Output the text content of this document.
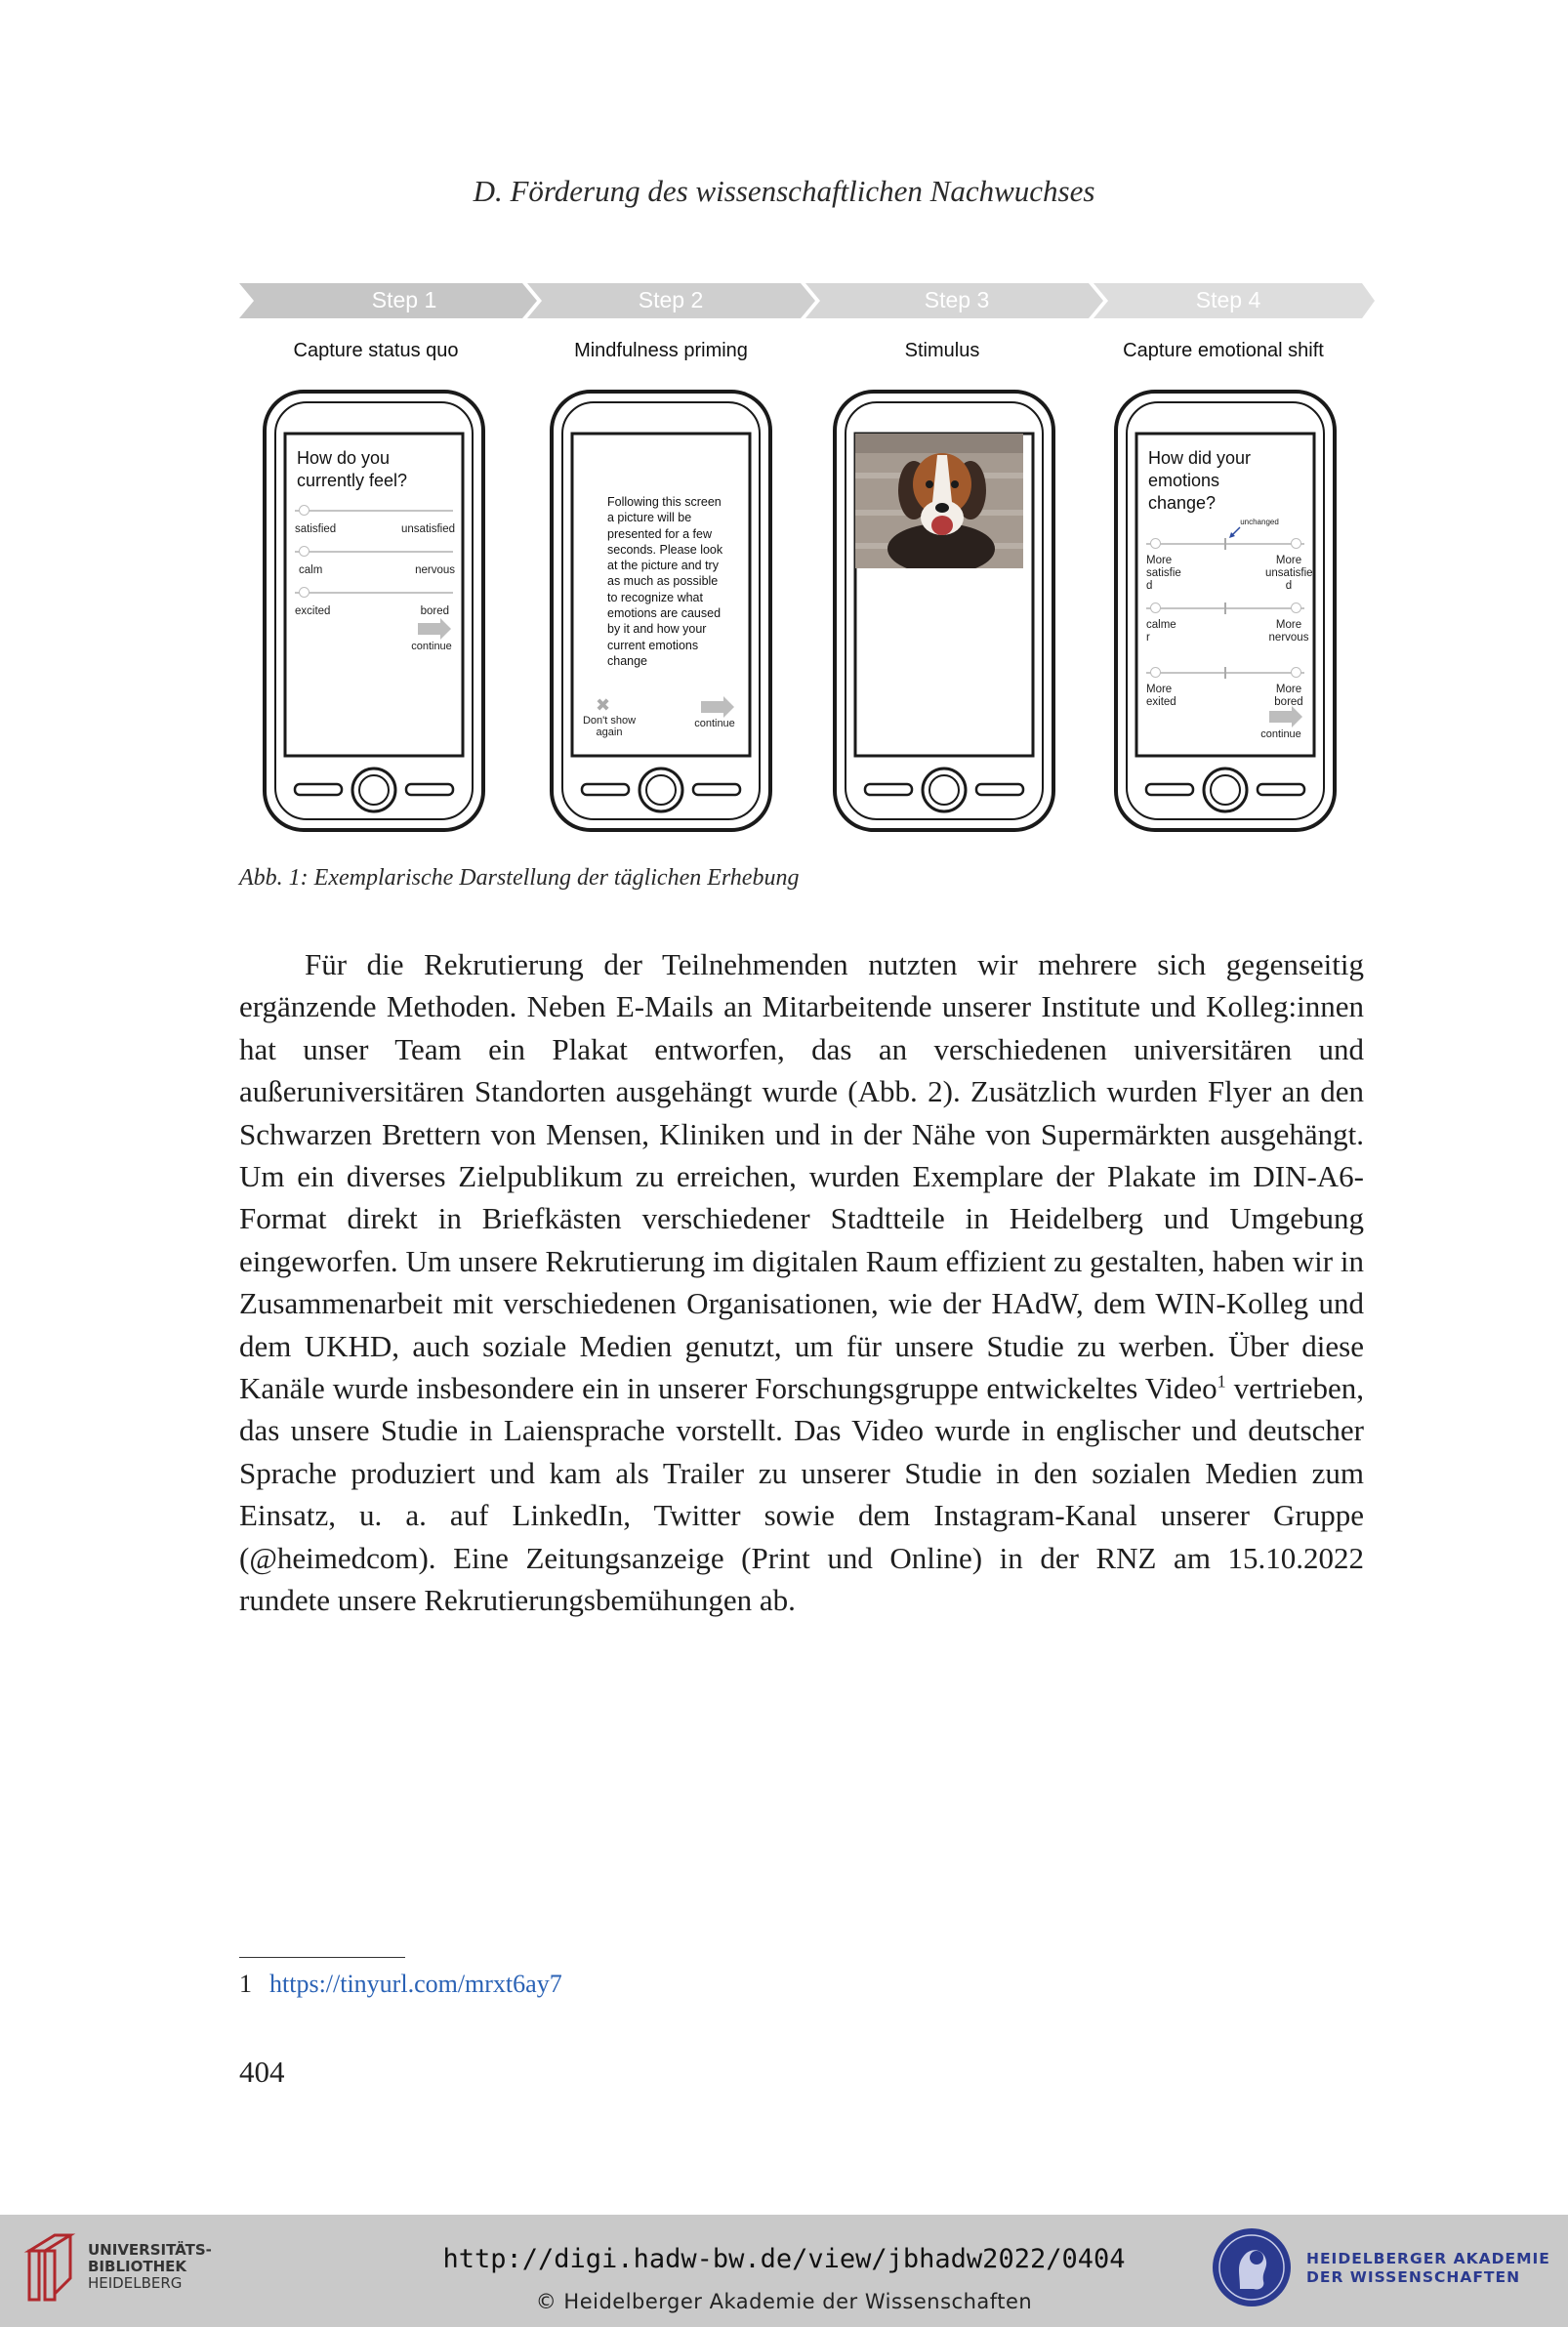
D. Förderung des wissenschaftlichen Nachwuchses
Step 1	Step 2	Step 3	Step 4
Capture status quo	Mindfulness priming	Stimulus	Capture emotional shift
How do you currently feel?
satisfied	unsatisfied
calm	nervous
excited	bored
continue
Following this screen a picture will be presented for a few seconds. Please look at the picture and try as much as possible to recognize what emotions are caused by it and how your current emotions change
✖
Don't show again
continue
How did your emotions change?
unchanged
More satisfie d
More unsatisfie d
calme r
More nervous
More exited
More bored
continue
Abb. 1: Exemplarische Darstellung der täglichen Erhebung

Für die Rekrutierung der Teilnehmenden nutzten wir mehrere sich gegenseitig ergänzende Methoden. Neben E-Mails an Mitarbeitende unserer Institute und Kolleg:innen hat unser Team ein Plakat entworfen, das an verschiedenen universitären und außeruniversitären Standorten ausgehängt wurde (Abb. 2). Zusätzlich wurden Flyer an den Schwarzen Brettern von Mensen, Kliniken und in der Nähe von Supermärkten ausgehängt. Um ein diverses Zielpublikum zu erreichen, wurden Exemplare der Plakate im DIN-A6-Format direkt in Briefkästen verschiedener Stadtteile in Heidelberg und Umgebung eingeworfen. Um unsere Rekrutierung im digitalen Raum effizient zu gestalten, haben wir in Zusammenarbeit mit verschiedenen Organisationen, wie der HAdW, dem WIN-Kolleg und dem UKHD, auch soziale Medien genutzt, um für unsere Studie zu werben. Über diese Kanäle wurde insbesondere ein in unserer Forschungsgruppe entwickeltes Video$^1$ vertrieben, das unsere Studie in Laiensprache vorstellt. Das Video wurde in englischer und deutscher Sprache produziert und kam als Trailer zu unserer Studie in den sozialen Medien zum Einsatz, u. a. auf LinkedIn, Twitter sowie dem Instagram-Kanal unserer Gruppe (@heimedcom). Eine Zeitungsanzeige (Print und Online) in der RNZ am 15.10.2022 rundete unsere Rekrutierungsbemühungen ab.

1 https://tinyurl.com/mrxt6ay7
404
UNIVERSITÄTS-
BIBLIOTHEK
HEIDELBERG
http://digi.hadw-bw.de/view/jbhadw2022/0404
© Heidelberger Akademie der Wissenschaften
HEIDELBERGER AKADEMIE
DER WISSENSCHAFTEN
